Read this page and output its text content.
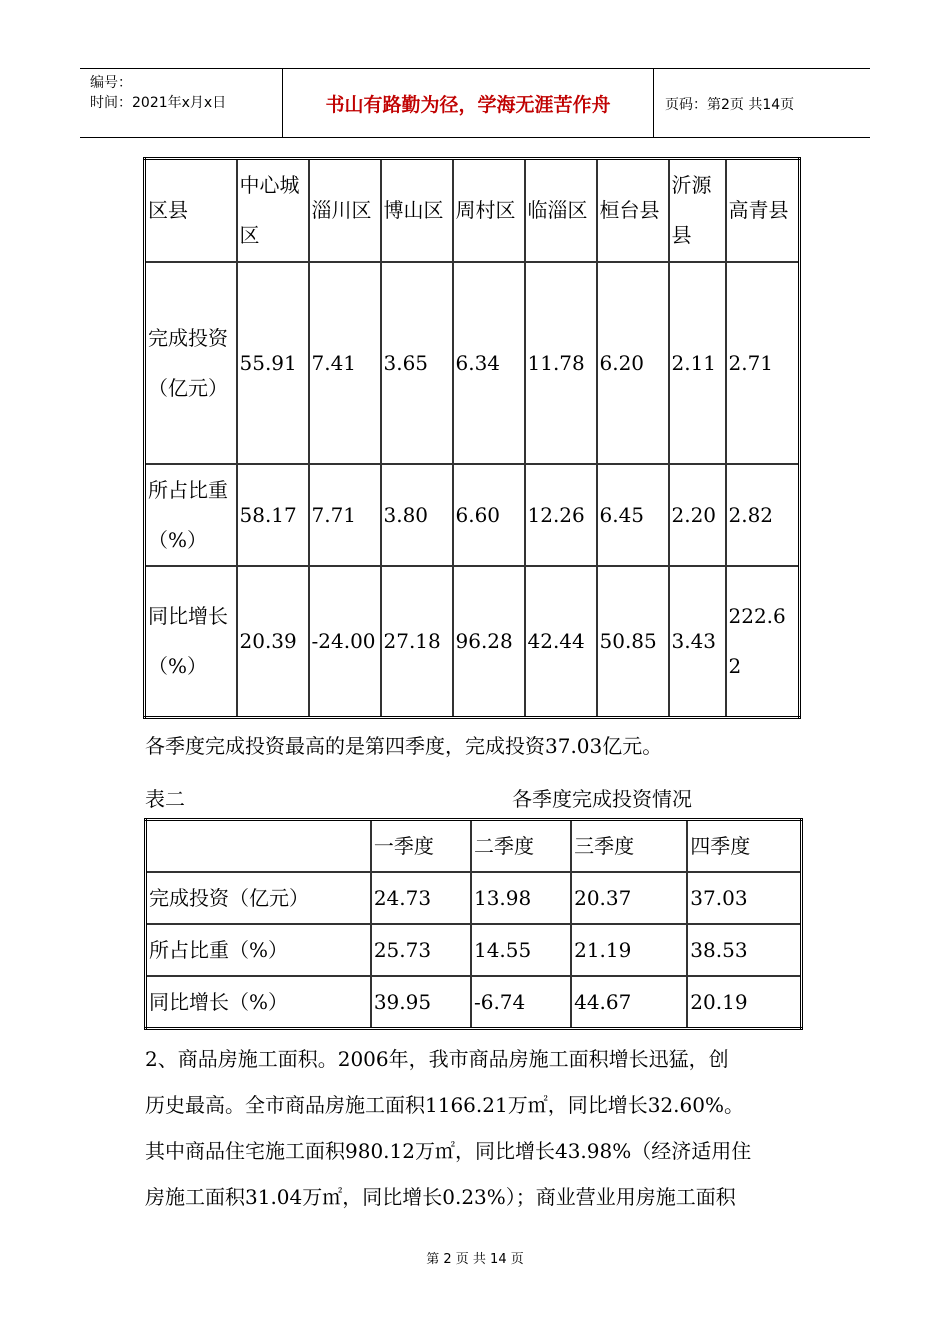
编号：
时间：2021年x月x日	书山有路勤为径，学海无涯苦作舟	页码：第2页 共14页
区县	中心城区	淄川区	博山区	周村区	临淄区	桓台县	沂源县	高青县
完成投资（亿元）	55.91	7.41	3.65	6.34	11.78	6.20	2.11	2.71
所占比重（%）	58.17	7.71	3.80	6.60	12.26	6.45	2.20	2.82
同比增长（%）	20.39	-24.00	27.18	96.28	42.44	50.85	3.43	222.62
各季度完成投资最高的是第四季度，完成投资37.03亿元。
表二	各季度完成投资情况
	一季度	二季度	三季度	四季度
完成投资（亿元）	24.73	13.98	20.37	37.03
所占比重（%）	25.73	14.55	21.19	38.53
同比增长（%）	39.95	-6.74	44.67	20.19
2、商品房施工面积。2006年，我市商品房施工面积增长迅猛，创
历史最高。全市商品房施工面积1166.21万㎡，同比增长32.60%。
其中商品住宅施工面积980.12万㎡，同比增长43.98%（经济适用住
房施工面积31.04万㎡，同比增长0.23%）；商业营业用房施工面积
第 2 页 共 14 页
